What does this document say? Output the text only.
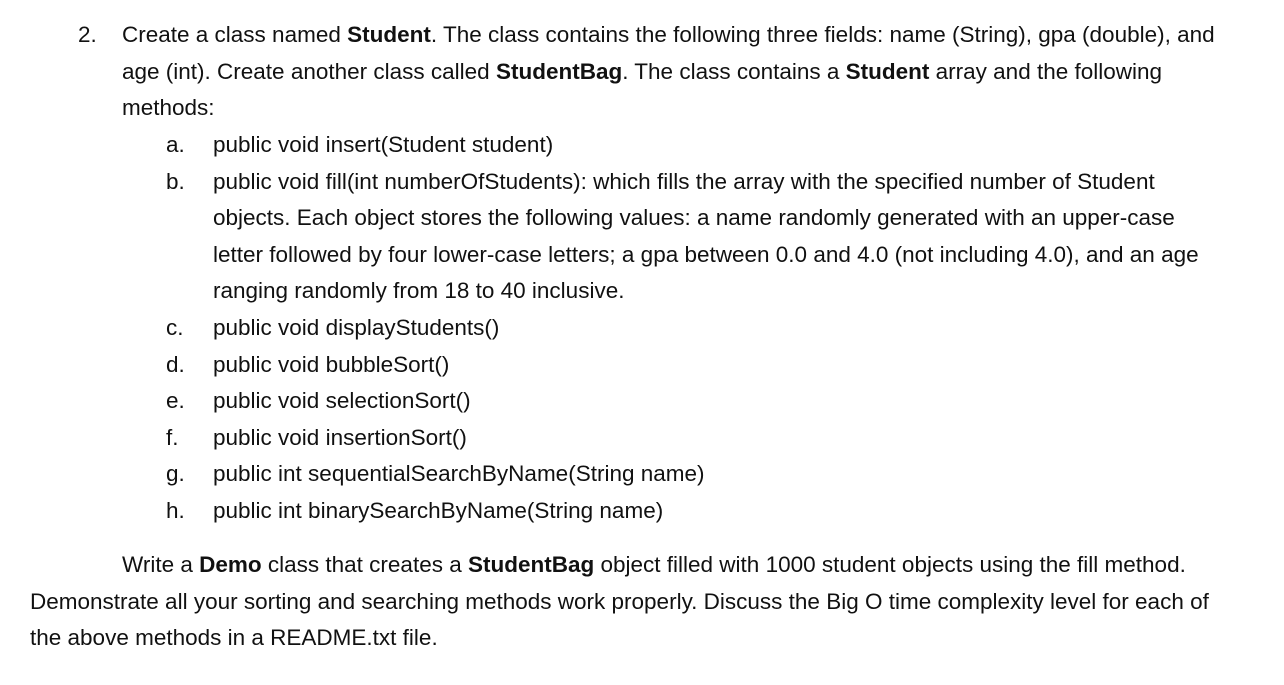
2. Create a class named Student. The class contains the following three fields: name (String), gpa (double), and age (int). Create another class called StudentBag. The class contains a Student array and the following methods:

a. public void insert(Student student)
b. public void fill(int numberOfStudents): which fills the array with the specified number of Student objects. Each object stores the following values: a name randomly generated with an upper-case letter followed by four lower-case letters; a gpa between 0.0 and 4.0 (not including 4.0), and an age ranging randomly from 18 to 40 inclusive.
c. public void displayStudents()
d. public void bubbleSort()
e. public void selectionSort()
f. public void insertionSort()
g. public int sequentialSearchByName(String name)
h. public int binarySearchByName(String name)

Write a Demo class that creates a StudentBag object filled with 1000 student objects using the fill method. Demonstrate all your sorting and searching methods work properly. Discuss the Big O time complexity level for each of the above methods in a README.txt file.
